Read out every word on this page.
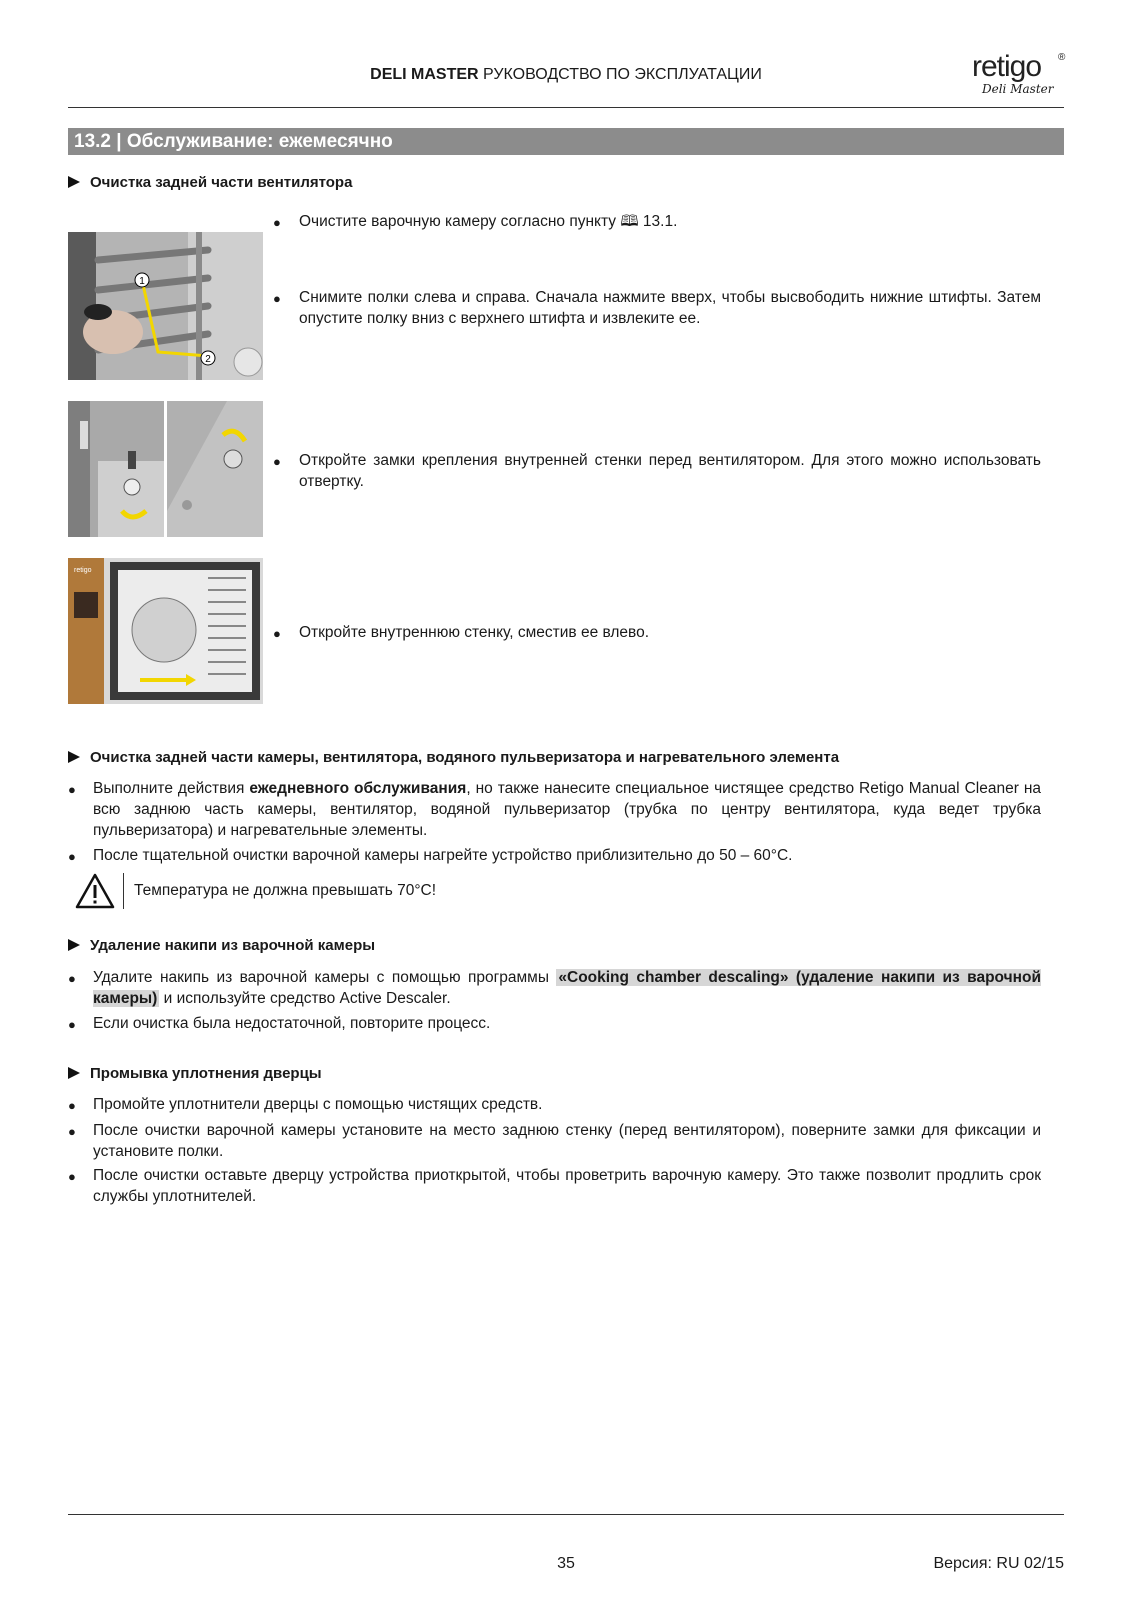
DELI MASTER РУКОВОДСТВО ПО ЭКСПЛУАТАЦИИ	retigo	®
Deli Master
13.2 | Обслуживание: ежемесячно
Очистка задней части вентилятора
1
2
retigo
● Очистите варочную камеру согласно пункту 🕮 13.1.
● Снимите полки слева и справа. Сначала нажмите вверх, чтобы высвободить нижние штифты. Затем опустите полку вниз с верхнего штифта и извлеките ее.
● Откройте замки крепления внутренней стенки перед вентилятором. Для этого можно использовать отвертку.
● Откройте внутреннюю стенку, сместив ее влево.
Очистка задней части камеры, вентилятора, водяного пульверизатора и нагревательного элемента
● Выполните действия ежедневного обслуживания, но также нанесите специальное чистящее средство Retigo Manual Cleaner на всю заднюю часть камеры, вентилятор, водяной пульверизатор (трубка по центру вентилятора, куда ведет трубка пульверизатора) и нагревательные элементы.
● После тщательной очистки варочной камеры нагрейте устройство приблизительно до 50 – 60°C.
Температура не должна превышать 70°C!
Удаление накипи из варочной камеры
● Удалите накипь из варочной камеры с помощью программы «Cooking chamber descaling» (удаление накипи из варочной камеры) и используйте средство Active Descaler.
● Если очистка была недостаточной, повторите процесс.
Промывка уплотнения дверцы
● Промойте уплотнители дверцы с помощью чистящих средств.
● После очистки варочной камеры установите на место заднюю стенку (перед вентилятором), поверните замки для фиксации и установите полки.
● После очистки оставьте дверцу устройства приоткрытой, чтобы проветрить варочную камеру. Это также позволит продлить срок службы уплотнителей.
35	Версия: RU 02/15
